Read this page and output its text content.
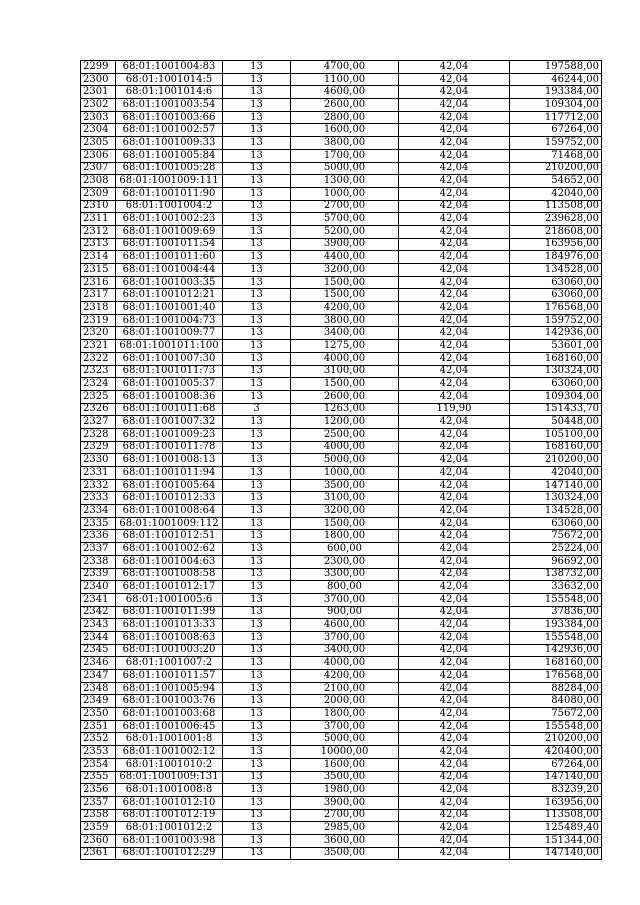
2299	68:01:1001004:83	13	4700,00	42,04	197588,00
2300	68:01:1001014:5	13	1100,00	42,04	46244,00
2301	68:01:1001014:6	13	4600,00	42,04	193384,00
2302	68:01:1001003:54	13	2600,00	42,04	109304,00
2303	68:01:1001003:66	13	2800,00	42,04	117712,00
2304	68:01:1001002:57	13	1600,00	42,04	67264,00
2305	68:01:1001009:33	13	3800,00	42,04	159752,00
2306	68:01:1001005:84	13	1700,00	42,04	71468,00
2307	68:01:1001005:28	13	5000,00	42,04	210200,00
2308	68:01:1001009:111	13	1300,00	42,04	54652,00
2309	68:01:1001011:90	13	1000,00	42,04	42040,00
2310	68:01:1001004:2	13	2700,00	42,04	113508,00
2311	68:01:1001002:23	13	5700,00	42,04	239628,00
2312	68:01:1001009:69	13	5200,00	42,04	218608,00
2313	68:01:1001011:54	13	3900,00	42,04	163956,00
2314	68:01:1001011:60	13	4400,00	42,04	184976,00
2315	68:01:1001004:44	13	3200,00	42,04	134528,00
2316	68:01:1001003:35	13	1500,00	42,04	63060,00
2317	68:01:1001012:21	13	1500,00	42,04	63060,00
2318	68:01:1001001:40	13	4200,00	42,04	176568,00
2319	68:01:1001004:73	13	3800,00	42,04	159752,00
2320	68:01:1001009:77	13	3400,00	42,04	142936,00
2321	68:01:1001011:100	13	1275,00	42,04	53601,00
2322	68:01:1001007:30	13	4000,00	42,04	168160,00
2323	68:01:1001011:73	13	3100,00	42,04	130324,00
2324	68:01:1001005:37	13	1500,00	42,04	63060,00
2325	68:01:1001008:36	13	2600,00	42,04	109304,00
2326	68:01:1001011:68	3	1263,00	119,90	151433,70
2327	68:01:1001007:32	13	1200,00	42,04	50448,00
2328	68:01:1001009:23	13	2500,00	42,04	105100,00
2329	68:01:1001011:78	13	4000,00	42,04	168160,00
2330	68:01:1001008:13	13	5000,00	42,04	210200,00
2331	68:01:1001011:94	13	1000,00	42,04	42040,00
2332	68:01:1001005:64	13	3500,00	42,04	147140,00
2333	68:01:1001012:33	13	3100,00	42,04	130324,00
2334	68:01:1001008:64	13	3200,00	42,04	134528,00
2335	68:01:1001009:112	13	1500,00	42,04	63060,00
2336	68:01:1001012:51	13	1800,00	42,04	75672,00
2337	68:01:1001002:62	13	600,00	42,04	25224,00
2338	68:01:1001004:63	13	2300,00	42,04	96692,00
2339	68:01:1001008:58	13	3300,00	42,04	138732,00
2340	68:01:1001012:17	13	800,00	42,04	33632,00
2341	68:01:1001005:6	13	3700,00	42,04	155548,00
2342	68:01:1001011:99	13	900,00	42,04	37836,00
2343	68:01:1001013:33	13	4600,00	42,04	193384,00
2344	68:01:1001008:63	13	3700,00	42,04	155548,00
2345	68:01:1001003:20	13	3400,00	42,04	142936,00
2346	68:01:1001007:2	13	4000,00	42,04	168160,00
2347	68:01:1001011:57	13	4200,00	42,04	176568,00
2348	68:01:1001005:94	13	2100,00	42,04	88284,00
2349	68:01:1001003:76	13	2000,00	42,04	84080,00
2350	68:01:1001003:68	13	1800,00	42,04	75672,00
2351	68:01:1001006:45	13	3700,00	42,04	155548,00
2352	68:01:1001001:8	13	5000,00	42,04	210200,00
2353	68:01:1001002:12	13	10000,00	42,04	420400,00
2354	68:01:1001010:2	13	1600,00	42,04	67264,00
2355	68:01:1001009:131	13	3500,00	42,04	147140,00
2356	68:01:1001008:8	13	1980,00	42,04	83239,20
2357	68:01:1001012:10	13	3900,00	42,04	163956,00
2358	68:01:1001012:19	13	2700,00	42,04	113508,00
2359	68:01:1001012:2	13	2985,00	42,04	125489,40
2360	68:01:1001003:98	13	3600,00	42,04	151344,00
2361	68:01:1001012:29	13	3500,00	42,04	147140,00
